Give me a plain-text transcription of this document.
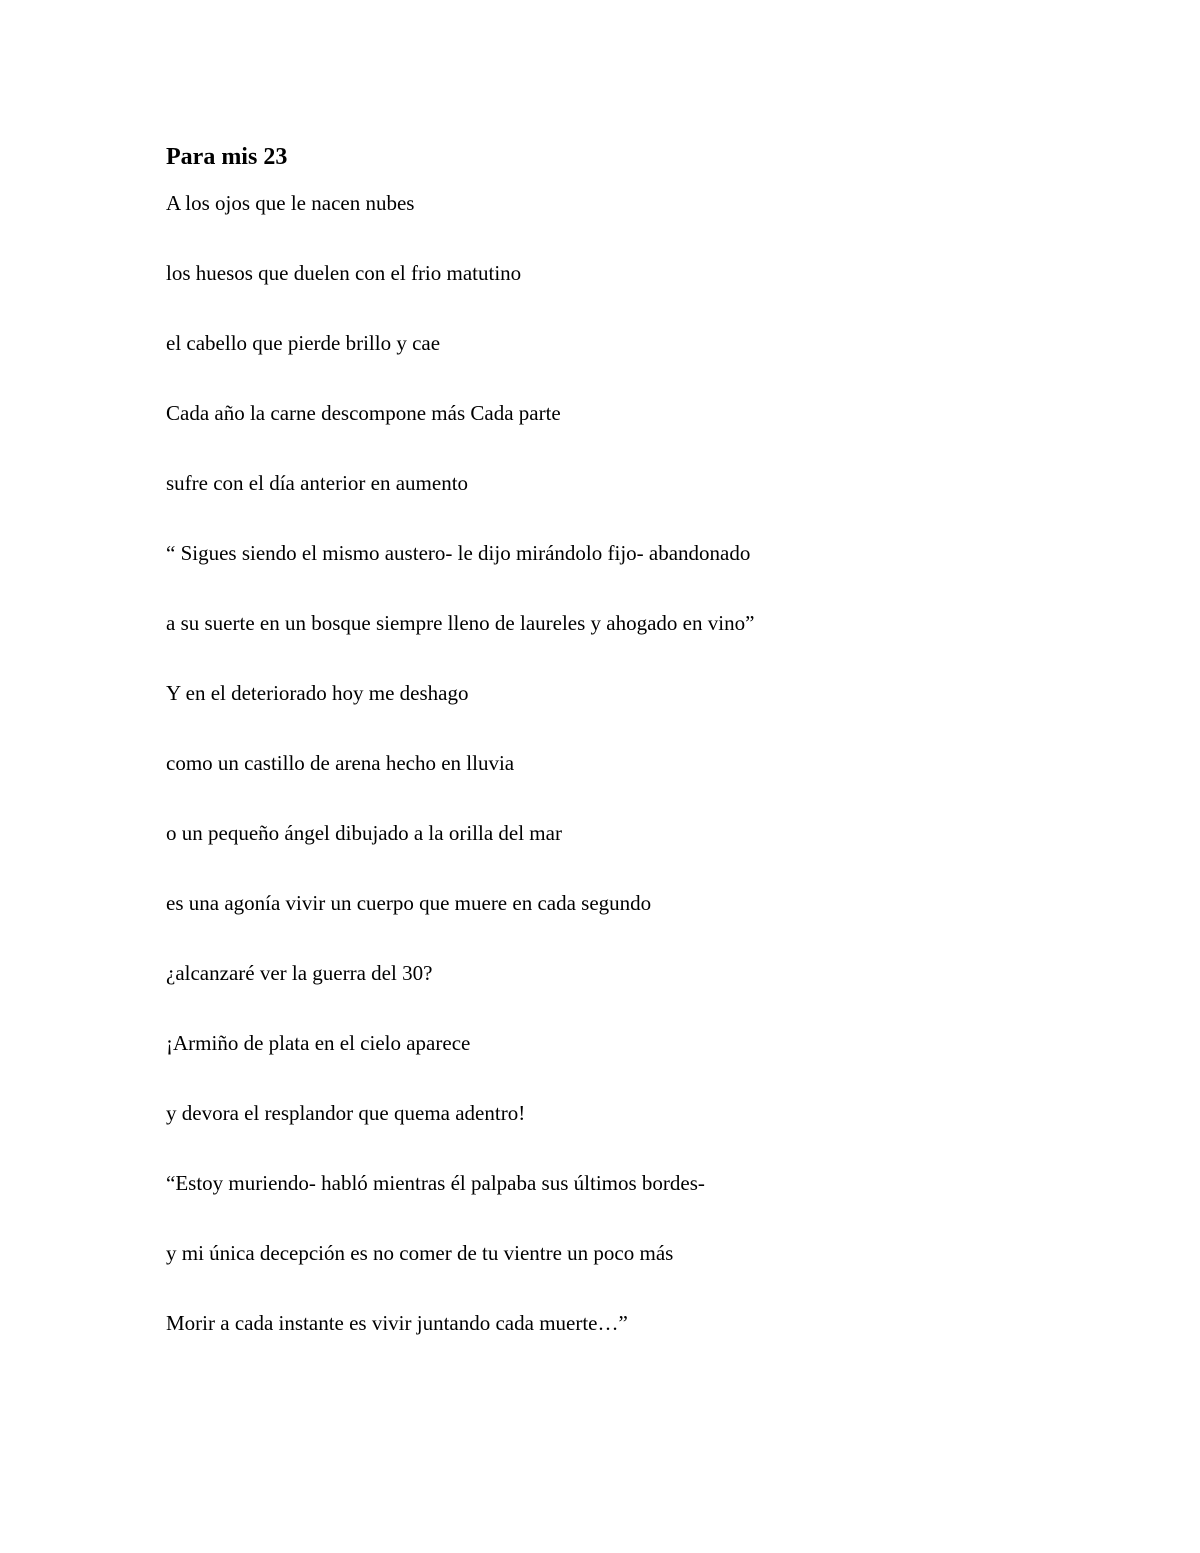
Para mis 23
A los ojos que le nacen nubes
los huesos que duelen con el frio matutino
el cabello que pierde brillo y cae
Cada año la carne descompone más Cada parte
sufre con el día anterior en aumento
“ Sigues siendo el mismo austero- le dijo mirándolo fijo- abandonado
a su suerte en un bosque siempre lleno de laureles y ahogado en vino”
Y en el deteriorado hoy me deshago
como un castillo de arena hecho en lluvia
o un pequeño ángel dibujado a la orilla del mar
es una agonía vivir un cuerpo que muere en cada segundo
¿alcanzaré ver la guerra del 30?
¡Armiño de plata en el cielo aparece
y devora el resplandor que quema adentro!
“Estoy muriendo- habló mientras él palpaba sus últimos bordes-
y mi única decepción es no comer de tu vientre un poco más
Morir a cada instante es vivir juntando cada muerte…”
